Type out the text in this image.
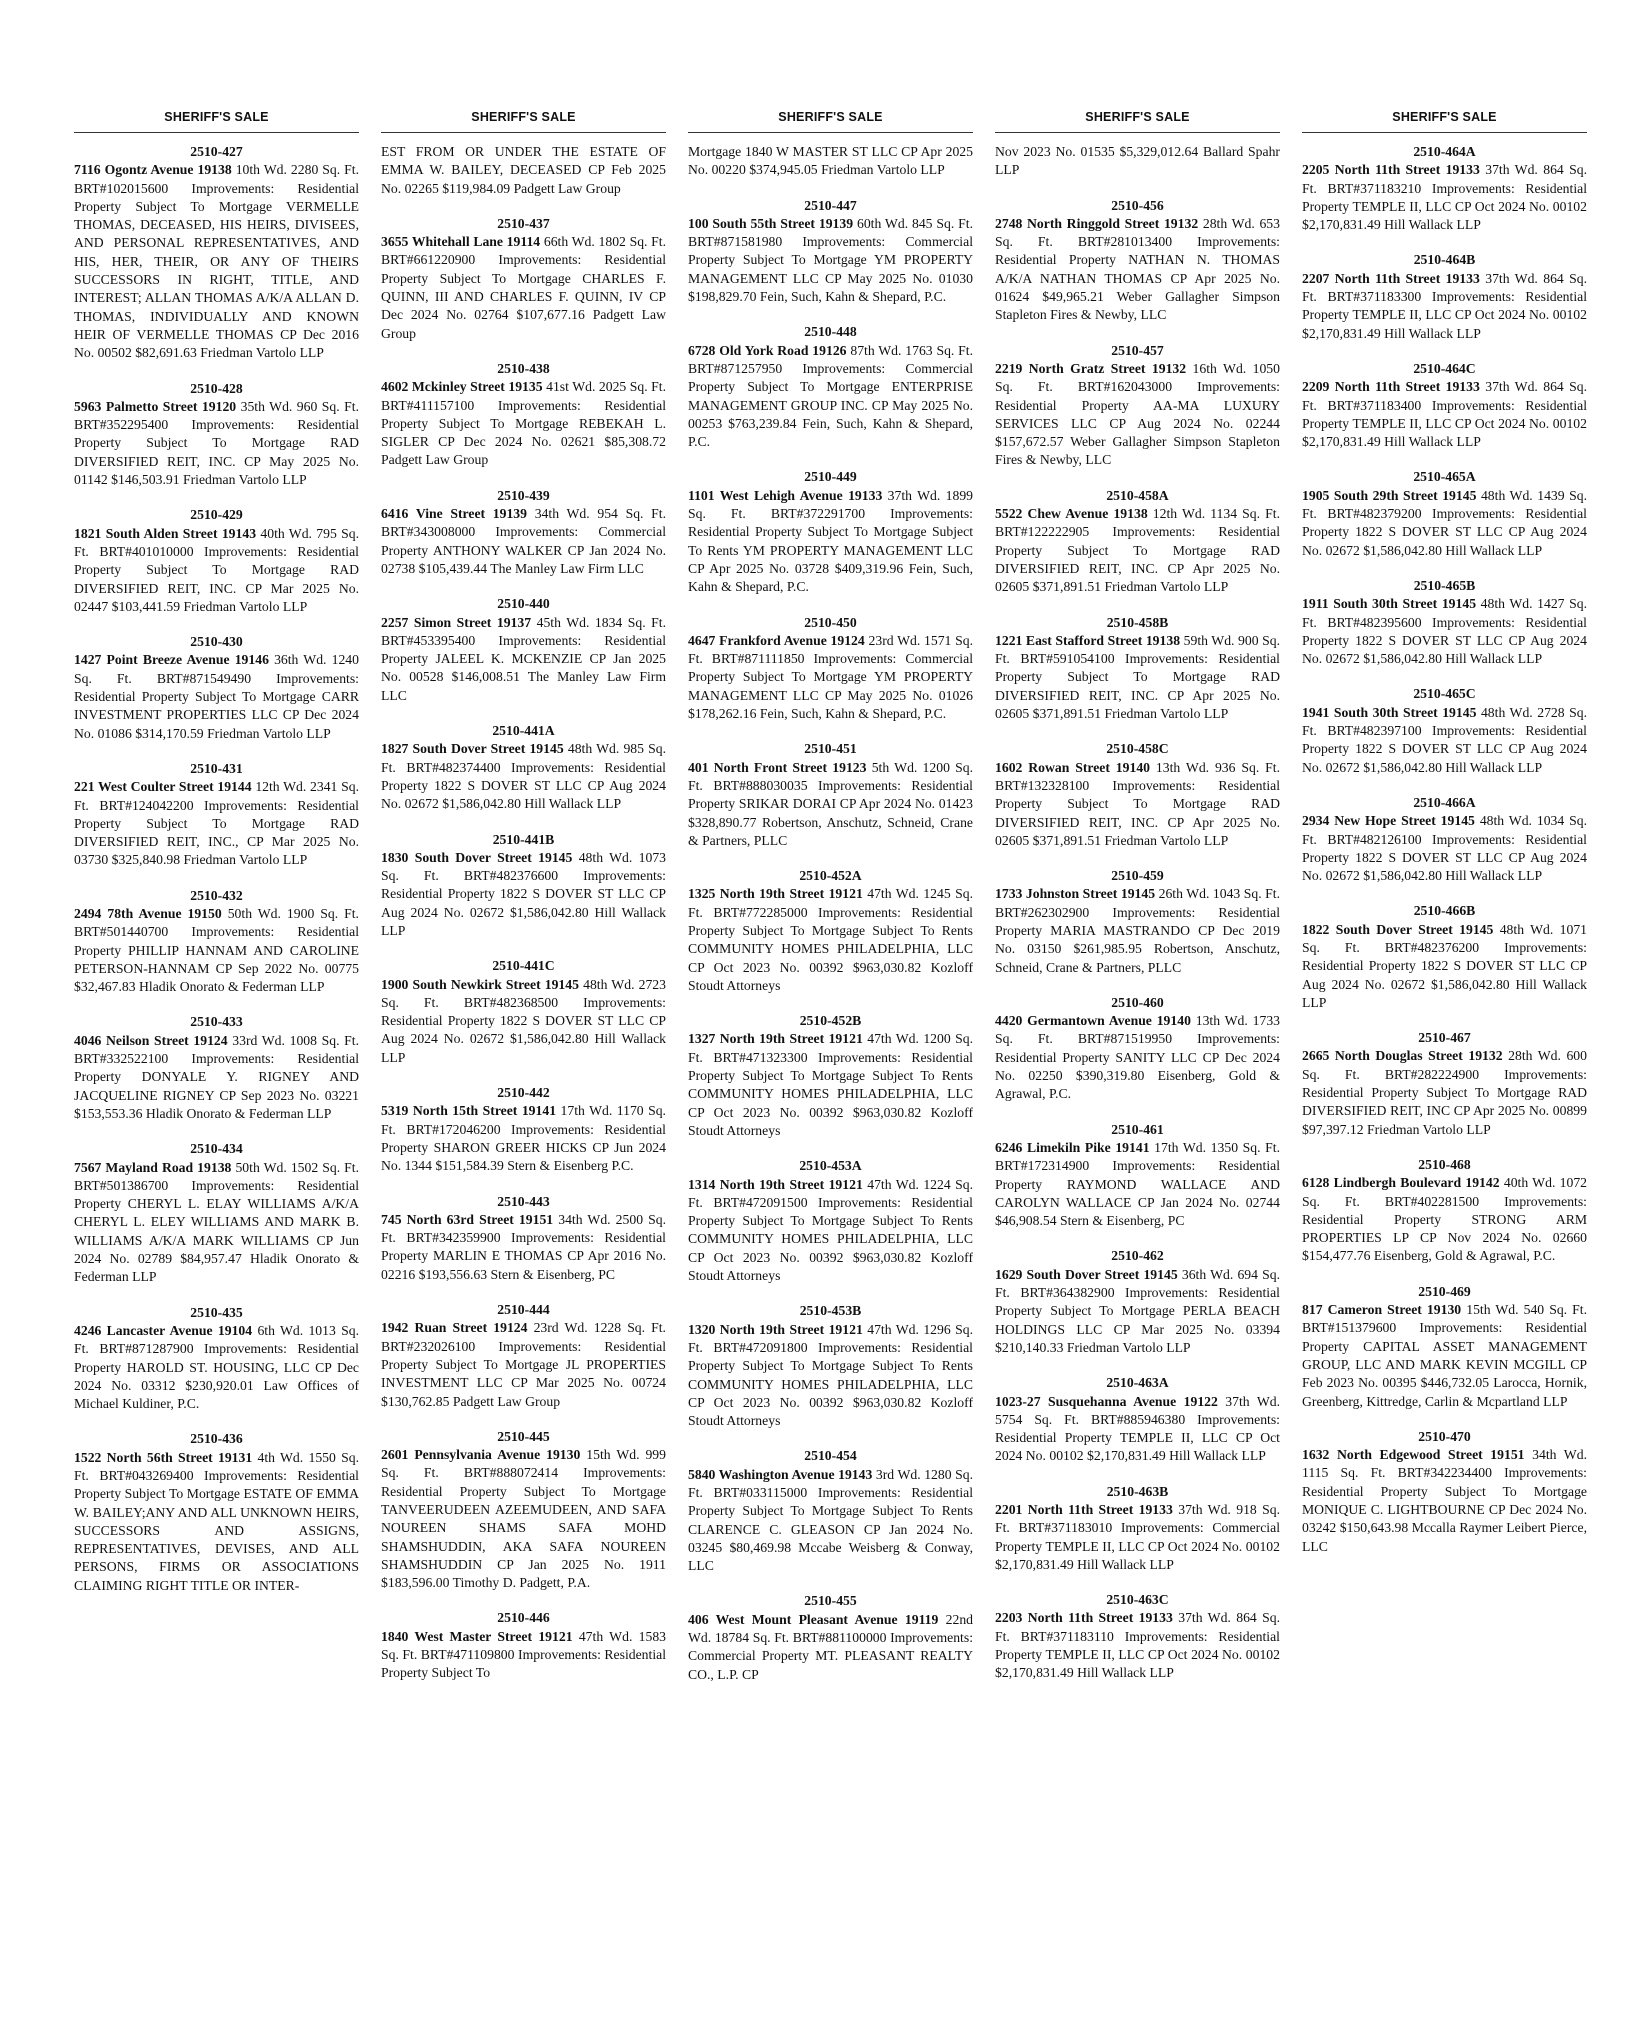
SHERIFF'S SALE
2510-427
7116 Ogontz Avenue 19138 10th Wd. 2280 Sq. Ft. BRT#102015600 Improvements: Residential Property Subject To Mortgage VERMELLE THOMAS, DECEASED, HIS HEIRS, DIVISEES, AND PERSONAL REPRESENTATIVES, AND HIS, HER, THEIR, OR ANY OF THEIRS SUCCESSORS IN RIGHT, TITLE, AND INTEREST; ALLAN THOMAS A/K/A ALLAN D. THOMAS, INDIVIDUALLY AND KNOWN HEIR OF VERMELLE THOMAS CP Dec 2016 No. 00502 $82,691.63 Friedman Vartolo LLP
2510-428
5963 Palmetto Street 19120 35th Wd. 960 Sq. Ft. BRT#352295400 Improvements: Residential Property Subject To Mortgage RAD DIVERSIFIED REIT, INC. CP May 2025 No. 01142 $146,503.91 Friedman Vartolo LLP
2510-429
1821 South Alden Street 19143 40th Wd. 795 Sq. Ft. BRT#401010000 Improvements: Residential Property Subject To Mortgage RAD DIVERSIFIED REIT, INC. CP Mar 2025 No. 02447 $103,441.59 Friedman Vartolo LLP
2510-430
1427 Point Breeze Avenue 19146 36th Wd. 1240 Sq. Ft. BRT#871549490 Improvements: Residential Property Subject To Mortgage CARR INVESTMENT PROPERTIES LLC CP Dec 2024 No. 01086 $314,170.59 Friedman Vartolo LLP
2510-431
221 West Coulter Street 19144 12th Wd. 2341 Sq. Ft. BRT#124042200 Improvements: Residential Property Subject To Mortgage RAD DIVERSIFIED REIT, INC., CP Mar 2025 No. 03730 $325,840.98 Friedman Vartolo LLP
2510-432
2494 78th Avenue 19150 50th Wd. 1900 Sq. Ft. BRT#501440700 Improvements: Residential Property PHILLIP HANNAM AND CAROLINE PETERSON-HANNAM CP Sep 2022 No. 00775 $32,467.83 Hladik Onorato & Federman LLP
2510-433
4046 Neilson Street 19124 33rd Wd. 1008 Sq. Ft. BRT#332522100 Improvements: Residential Property DONYALE Y. RIGNEY AND JACQUELINE RIGNEY CP Sep 2023 No. 03221 $153,553.36 Hladik Onorato & Federman LLP
2510-434
7567 Mayland Road 19138 50th Wd. 1502 Sq. Ft. BRT#501386700 Improvements: Residential Property CHERYL L. ELAY WILLIAMS A/K/A CHERYL L. ELEY WILLIAMS AND MARK B. WILLIAMS A/K/A MARK WILLIAMS CP Jun 2024 No. 02789 $84,957.47 Hladik Onorato & Federman LLP
2510-435
4246 Lancaster Avenue 19104 6th Wd. 1013 Sq. Ft. BRT#871287900 Improvements: Residential Property HAROLD ST. HOUSING, LLC CP Dec 2024 No. 03312 $230,920.01 Law Offices of Michael Kuldiner, P.C.
2510-436
1522 North 56th Street 19131 4th Wd. 1550 Sq. Ft. BRT#043269400 Improvements: Residential Property Subject To Mortgage ESTATE OF EMMA W. BAILEY;ANY AND ALL UNKNOWN HEIRS, SUCCESSORS AND ASSIGNS, REPRESENTATIVES, DEVISES, AND ALL PERSONS, FIRMS OR ASSOCIATIONS CLAIMING RIGHT TITLE OR INTER-
SHERIFF'S SALE
EST FROM OR UNDER THE ESTATE OF EMMA W. BAILEY, DECEASED CP Feb 2025 No. 02265 $119,984.09 Padgett Law Group
2510-437
3655 Whitehall Lane 19114 66th Wd. 1802 Sq. Ft. BRT#661220900 Improvements: Residential Property Subject To Mortgage CHARLES F. QUINN, III AND CHARLES F. QUINN, IV CP Dec 2024 No. 02764 $107,677.16 Padgett Law Group
2510-438
4602 Mckinley Street 19135 41st Wd. 2025 Sq. Ft. BRT#411157100 Improvements: Residential Property Subject To Mortgage REBEKAH L. SIGLER CP Dec 2024 No. 02621 $85,308.72 Padgett Law Group
2510-439
6416 Vine Street 19139 34th Wd. 954 Sq. Ft. BRT#343008000 Improvements: Commercial Property ANTHONY WALKER CP Jan 2024 No. 02738 $105,439.44 The Manley Law Firm LLC
2510-440
2257 Simon Street 19137 45th Wd. 1834 Sq. Ft. BRT#453395400 Improvements: Residential Property JALEEL K. MCKENZIE CP Jan 2025 No. 00528 $146,008.51 The Manley Law Firm LLC
2510-441A
1827 South Dover Street 19145 48th Wd. 985 Sq. Ft. BRT#482374400 Improvements: Residential Property 1822 S DOVER ST LLC CP Aug 2024 No. 02672 $1,586,042.80 Hill Wallack LLP
2510-441B
1830 South Dover Street 19145 48th Wd. 1073 Sq. Ft. BRT#482376600 Improvements: Residential Property 1822 S DOVER ST LLC CP Aug 2024 No. 02672 $1,586,042.80 Hill Wallack LLP
2510-441C
1900 South Newkirk Street 19145 48th Wd. 2723 Sq. Ft. BRT#482368500 Improvements: Residential Property 1822 S DOVER ST LLC CP Aug 2024 No. 02672 $1,586,042.80 Hill Wallack LLP
2510-442
5319 North 15th Street 19141 17th Wd. 1170 Sq. Ft. BRT#172046200 Improvements: Residential Property SHARON GREER HICKS CP Jun 2024 No. 1344 $151,584.39 Stern & Eisenberg P.C.
2510-443
745 North 63rd Street 19151 34th Wd. 2500 Sq. Ft. BRT#342359900 Improvements: Residential Property MARLIN E THOMAS CP Apr 2016 No. 02216 $193,556.63 Stern & Eisenberg, PC
2510-444
1942 Ruan Street 19124 23rd Wd. 1228 Sq. Ft. BRT#232026100 Improvements: Residential Property Subject To Mortgage JL PROPERTIES INVESTMENT LLC CP Mar 2025 No. 00724 $130,762.85 Padgett Law Group
2510-445
2601 Pennsylvania Avenue 19130 15th Wd. 999 Sq. Ft. BRT#888072414 Improvements: Residential Property Subject To Mortgage TANVEERUDEEN AZEEMUDEEN, AND SAFA NOUREEN SHAMS SAFA MOHD SHAMSHUDDIN, AKA SAFA NOUREEN SHAMSHUDDIN CP Jan 2025 No. 1911 $183,596.00 Timothy D. Padgett, P.A.
2510-446
1840 West Master Street 19121 47th Wd. 1583 Sq. Ft. BRT#471109800 Improvements: Residential Property Subject To
SHERIFF'S SALE
Mortgage 1840 W MASTER ST LLC CP Apr 2025 No. 00220 $374,945.05 Friedman Vartolo LLP
2510-447
100 South 55th Street 19139 60th Wd. 845 Sq. Ft. BRT#871581980 Improvements: Commercial Property Subject To Mortgage YM PROPERTY MANAGEMENT LLC CP May 2025 No. 01030 $198,829.70 Fein, Such, Kahn & Shepard, P.C.
2510-448
6728 Old York Road 19126 87th Wd. 1763 Sq. Ft. BRT#871257950 Improvements: Commercial Property Subject To Mortgage ENTERPRISE MANAGEMENT GROUP INC. CP May 2025 No. 00253 $763,239.84 Fein, Such, Kahn & Shepard, P.C.
2510-449
1101 West Lehigh Avenue 19133 37th Wd. 1899 Sq. Ft. BRT#372291700 Improvements: Residential Property Subject To Mortgage Subject To Rents YM PROPERTY MANAGEMENT LLC CP Apr 2025 No. 03728 $409,319.96 Fein, Such, Kahn & Shepard, P.C.
2510-450
4647 Frankford Avenue 19124 23rd Wd. 1571 Sq. Ft. BRT#871111850 Improvements: Commercial Property Subject To Mortgage YM PROPERTY MANAGEMENT LLC CP May 2025 No. 01026 $178,262.16 Fein, Such, Kahn & Shepard, P.C.
2510-451
401 North Front Street 19123 5th Wd. 1200 Sq. Ft. BRT#888030035 Improvements: Residential Property SRIKAR DORAI CP Apr 2024 No. 01423 $328,890.77 Robertson, Anschutz, Schneid, Crane & Partners, PLLC
2510-452A
1325 North 19th Street 19121 47th Wd. 1245 Sq. Ft. BRT#772285000 Improvements: Residential Property Subject To Mortgage Subject To Rents COMMUNITY HOMES PHILADELPHIA, LLC CP Oct 2023 No. 00392 $963,030.82 Kozloff Stoudt Attorneys
2510-452B
1327 North 19th Street 19121 47th Wd. 1200 Sq. Ft. BRT#471323300 Improvements: Residential Property Subject To Mortgage Subject To Rents COMMUNITY HOMES PHILADELPHIA, LLC CP Oct 2023 No. 00392 $963,030.82 Kozloff Stoudt Attorneys
2510-453A
1314 North 19th Street 19121 47th Wd. 1224 Sq. Ft. BRT#472091500 Improvements: Residential Property Subject To Mortgage Subject To Rents COMMUNITY HOMES PHILADELPHIA, LLC CP Oct 2023 No. 00392 $963,030.82 Kozloff Stoudt Attorneys
2510-453B
1320 North 19th Street 19121 47th Wd. 1296 Sq. Ft. BRT#472091800 Improvements: Residential Property Subject To Mortgage Subject To Rents COMMUNITY HOMES PHILADELPHIA, LLC CP Oct 2023 No. 00392 $963,030.82 Kozloff Stoudt Attorneys
2510-454
5840 Washington Avenue 19143 3rd Wd. 1280 Sq. Ft. BRT#033115000 Improvements: Residential Property Subject To Mortgage Subject To Rents CLARENCE C. GLEASON CP Jan 2024 No. 03245 $80,469.98 Mccabe Weisberg & Conway, LLC
2510-455
406 West Mount Pleasant Avenue 19119 22nd Wd. 18784 Sq. Ft. BRT#881100000 Improvements: Commercial Property MT. PLEASANT REALTY CO., L.P. CP
SHERIFF'S SALE
Nov 2023 No. 01535 $5,329,012.64 Ballard Spahr LLP
2510-456
2748 North Ringgold Street 19132 28th Wd. 653 Sq. Ft. BRT#281013400 Improvements: Residential Property NATHAN N. THOMAS A/K/A NATHAN THOMAS CP Apr 2025 No. 01624 $49,965.21 Weber Gallagher Simpson Stapleton Fires & Newby, LLC
2510-457
2219 North Gratz Street 19132 16th Wd. 1050 Sq. Ft. BRT#162043000 Improvements: Residential Property AA-MA LUXURY SERVICES LLC CP Aug 2024 No. 02244 $157,672.57 Weber Gallagher Simpson Stapleton Fires & Newby, LLC
2510-458A
5522 Chew Avenue 19138 12th Wd. 1134 Sq. Ft. BRT#122222905 Improvements: Residential Property Subject To Mortgage RAD DIVERSIFIED REIT, INC. CP Apr 2025 No. 02605 $371,891.51 Friedman Vartolo LLP
2510-458B
1221 East Stafford Street 19138 59th Wd. 900 Sq. Ft. BRT#591054100 Improvements: Residential Property Subject To Mortgage RAD DIVERSIFIED REIT, INC. CP Apr 2025 No. 02605 $371,891.51 Friedman Vartolo LLP
2510-458C
1602 Rowan Street 19140 13th Wd. 936 Sq. Ft. BRT#132328100 Improvements: Residential Property Subject To Mortgage RAD DIVERSIFIED REIT, INC. CP Apr 2025 No. 02605 $371,891.51 Friedman Vartolo LLP
2510-459
1733 Johnston Street 19145 26th Wd. 1043 Sq. Ft. BRT#262302900 Improvements: Residential Property MARIA MASTRANDO CP Dec 2019 No. 03150 $261,985.95 Robertson, Anschutz, Schneid, Crane & Partners, PLLC
2510-460
4420 Germantown Avenue 19140 13th Wd. 1733 Sq. Ft. BRT#871519950 Improvements: Residential Property SANITY LLC CP Dec 2024 No. 02250 $390,319.80 Eisenberg, Gold & Agrawal, P.C.
2510-461
6246 Limekiln Pike 19141 17th Wd. 1350 Sq. Ft. BRT#172314900 Improvements: Residential Property RAYMOND WALLACE AND CAROLYN WALLACE CP Jan 2024 No. 02744 $46,908.54 Stern & Eisenberg, PC
2510-462
1629 South Dover Street 19145 36th Wd. 694 Sq. Ft. BRT#364382900 Improvements: Residential Property Subject To Mortgage PERLA BEACH HOLDINGS LLC CP Mar 2025 No. 03394 $210,140.33 Friedman Vartolo LLP
2510-463A
1023-27 Susquehanna Avenue 19122 37th Wd. 5754 Sq. Ft. BRT#885946380 Improvements: Residential Property TEMPLE II, LLC CP Oct 2024 No. 00102 $2,170,831.49 Hill Wallack LLP
2510-463B
2201 North 11th Street 19133 37th Wd. 918 Sq. Ft. BRT#371183010 Improvements: Commercial Property TEMPLE II, LLC CP Oct 2024 No. 00102 $2,170,831.49 Hill Wallack LLP
2510-463C
2203 North 11th Street 19133 37th Wd. 864 Sq. Ft. BRT#371183110 Improvements: Residential Property TEMPLE II, LLC CP Oct 2024 No. 00102 $2,170,831.49 Hill Wallack LLP
SHERIFF'S SALE
2510-464A
2205 North 11th Street 19133 37th Wd. 864 Sq. Ft. BRT#371183210 Improvements: Residential Property TEMPLE II, LLC CP Oct 2024 No. 00102 $2,170,831.49 Hill Wallack LLP
2510-464B
2207 North 11th Street 19133 37th Wd. 864 Sq. Ft. BRT#371183300 Improvements: Residential Property TEMPLE II, LLC CP Oct 2024 No. 00102 $2,170,831.49 Hill Wallack LLP
2510-464C
2209 North 11th Street 19133 37th Wd. 864 Sq. Ft. BRT#371183400 Improvements: Residential Property TEMPLE II, LLC CP Oct 2024 No. 00102 $2,170,831.49 Hill Wallack LLP
2510-465A
1905 South 29th Street 19145 48th Wd. 1439 Sq. Ft. BRT#482379200 Improvements: Residential Property 1822 S DOVER ST LLC CP Aug 2024 No. 02672 $1,586,042.80 Hill Wallack LLP
2510-465B
1911 South 30th Street 19145 48th Wd. 1427 Sq. Ft. BRT#482395600 Improvements: Residential Property 1822 S DOVER ST LLC CP Aug 2024 No. 02672 $1,586,042.80 Hill Wallack LLP
2510-465C
1941 South 30th Street 19145 48th Wd. 2728 Sq. Ft. BRT#482397100 Improvements: Residential Property 1822 S DOVER ST LLC CP Aug 2024 No. 02672 $1,586,042.80 Hill Wallack LLP
2510-466A
2934 New Hope Street 19145 48th Wd. 1034 Sq. Ft. BRT#482126100 Improvements: Residential Property 1822 S DOVER ST LLC CP Aug 2024 No. 02672 $1,586,042.80 Hill Wallack LLP
2510-466B
1822 South Dover Street 19145 48th Wd. 1071 Sq. Ft. BRT#482376200 Improvements: Residential Property 1822 S DOVER ST LLC CP Aug 2024 No. 02672 $1,586,042.80 Hill Wallack LLP
2510-467
2665 North Douglas Street 19132 28th Wd. 600 Sq. Ft. BRT#282224900 Improvements: Residential Property Subject To Mortgage RAD DIVERSIFIED REIT, INC CP Apr 2025 No. 00899 $97,397.12 Friedman Vartolo LLP
2510-468
6128 Lindbergh Boulevard 19142 40th Wd. 1072 Sq. Ft. BRT#402281500 Improvements: Residential Property STRONG ARM PROPERTIES LP CP Nov 2024 No. 02660 $154,477.76 Eisenberg, Gold & Agrawal, P.C.
2510-469
817 Cameron Street 19130 15th Wd. 540 Sq. Ft. BRT#151379600 Improvements: Residential Property CAPITAL ASSET MANAGEMENT GROUP, LLC AND MARK KEVIN MCGILL CP Feb 2023 No. 00395 $446,732.05 Larocca, Hornik, Greenberg, Kittredge, Carlin & Mcpartland LLP
2510-470
1632 North Edgewood Street 19151 34th Wd. 1115 Sq. Ft. BRT#342234400 Improvements: Residential Property Subject To Mortgage MONIQUE C. LIGHTBOURNE CP Dec 2024 No. 03242 $150,643.98 Mccalla Raymer Leibert Pierce, LLC
